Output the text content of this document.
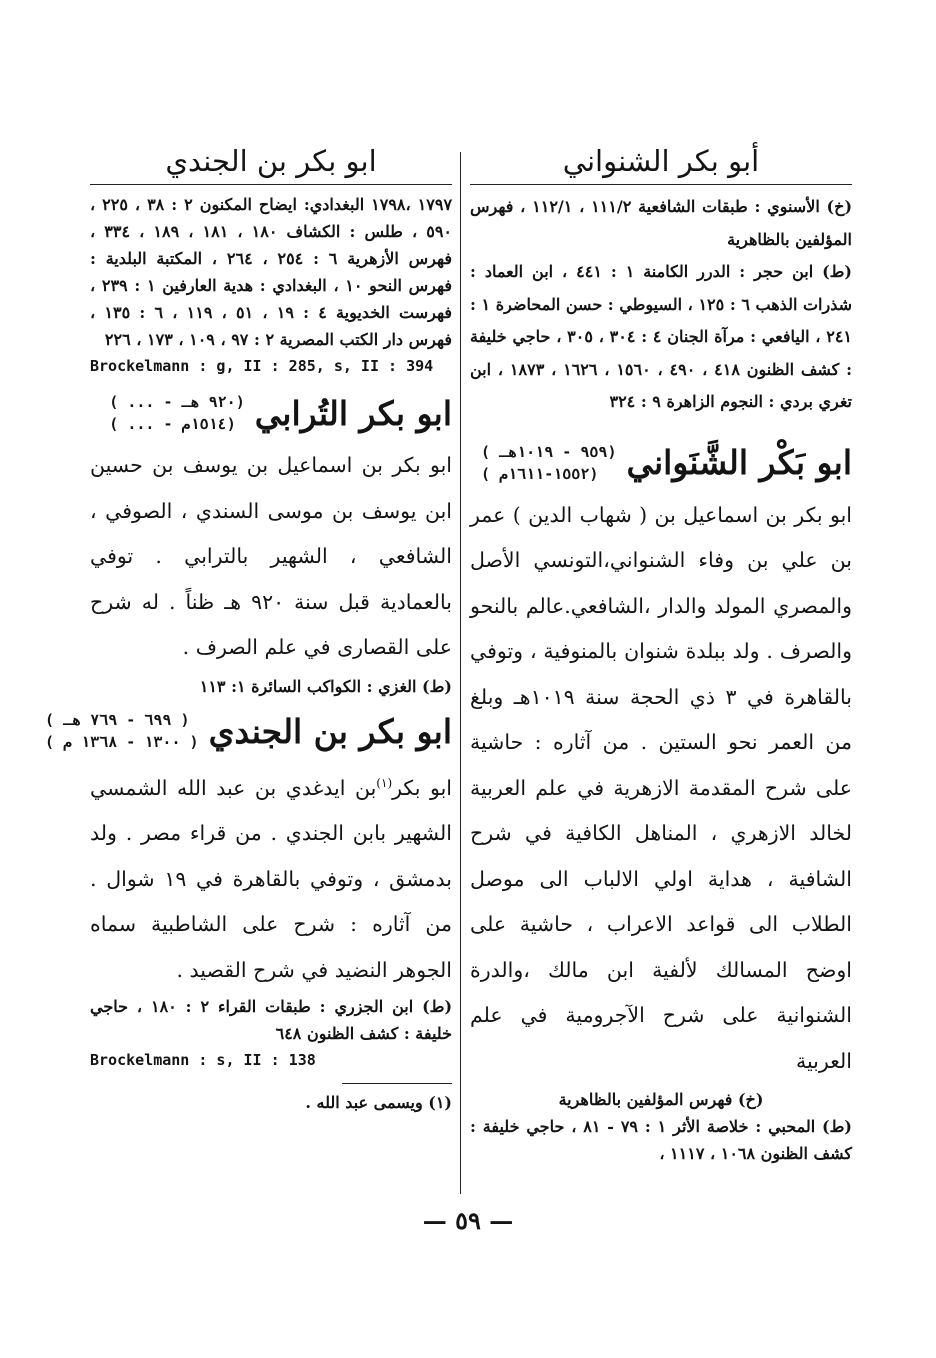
أبو بكر الشنواني
(خ) الأسنوي : طبقات الشافعية ١١١/٢ ، ١١٢/١ ، فهرس المؤلفين بالظاهرية
(ط) ابن حجر : الدرر الكامنة ١ : ٤٤١ ، ابن العماد : شذرات الذهب ٦ : ١٢٥ ، السيوطي : حسن المحاضرة ١ : ٢٤١ ، اليافعي : مرآة الجنان ٤ : ٣٠٤ ، ٣٠٥ ، حاجي خليفة : كشف الظنون ٤١٨ ، ٤٩٠ ، ١٥٦٠ ، ١٦٢٦ ، ١٨٧٣ ، ابن تغري بردي : النجوم الزاهرة ٩ : ٣٢٤
ابو بَكْر الشَّنَواني
( ٩٥٩ - ١٠١٩هـ)
( ١٥٥٢-١٦١١م)
ابو بكر بن اسماعيل بن ( شهاب الدين ) عمر بن علي بن وفاء الشنواني،التونسي الأصل والمصري المولد والدار ،الشافعي.عالم بالنحو والصرف . ولد ببلدة شنوان بالمنوفية ، وتوفي بالقاهرة في ٣ ذي الحجة سنة ١٠١٩هـ وبلغ من العمر نحو الستين . من آثاره : حاشية على شرح المقدمة الازهرية في علم العربية لخالد الازهري ، المناهل الكافية في شرح الشافية ، هداية اولي الالباب الى موصل الطلاب الى قواعد الاعراب ، حاشية على اوضح المسالك لألفية ابن مالك ،والدرة الشنوانية على شرح الآجرومية في علم العربية
(خ) فهرس المؤلفين بالظاهرية
(ط) المحبي : خلاصة الأثر ١ : ٧٩ - ٨١ ، حاجي خليفة : كشف الظنون ١٠٦٨ ، ١١١٧ ،
ابو بكر بن الجندي
١٧٩٧ ،١٧٩٨ البغدادي: ايضاح المكنون ٢ : ٣٨ ، ٢٢٥ ، ٥٩٠ ، طلس : الكشاف ١٨٠ ، ١٨١ ، ١٨٩ ، ٣٣٤ ، فهرس الأزهرية ٦ : ٢٥٤ ، ٢٦٤ ، المكتبة البلدية : فهرس النحو ١٠ ، البغدادي : هدية العارفين ١ : ٢٣٩ ، فهرست الخديوية ٤ : ١٩ ، ٥١ ، ١١٩ ، ٦ : ١٣٥ ، فهرس دار الكتب المصرية ٢ : ٩٧ ، ١٠٩ ، ١٧٣ ، ٢٢٦
Brockelmann : g, II : 285, s, II : 394
ابو بكر التُرابي
( ... - ٩٢٠ هـ)
( ... - ١٥١٤م)
ابو بكر بن اسماعيل بن يوسف بن حسين ابن يوسف بن موسى السندي ، الصوفي ، الشافعي ، الشهير بالترابي . توفي بالعمادية قبل سنة ٩٢٠ هـ ظناً . له شرح على القصارى في علم الصرف .
(ط) الغزي : الكواكب السائرة ١: ١١٣
ابو بكر بن الجندي
( ٦٩٩ - ٧٦٩ هـ )
( ١٣٠٠ - ١٣٦٨ م )
ابو بكر$^{(١)}$بن ايدغدي بن عبد الله الشمسي الشهير بابن الجندي . من قراء مصر . ولد بدمشق ، وتوفي بالقاهرة في ١٩ شوال . من آثاره : شرح على الشاطبية سماه الجوهر النضيد في شرح القصيد .
(ط) ابن الجزري : طبقات القراء ٢ : ١٨٠ ، حاجي خليفة : كشف الظنون ٦٤٨
Brockelmann : s, II : 138
(١) ويسمى عبد الله .
— ٥٩ —
